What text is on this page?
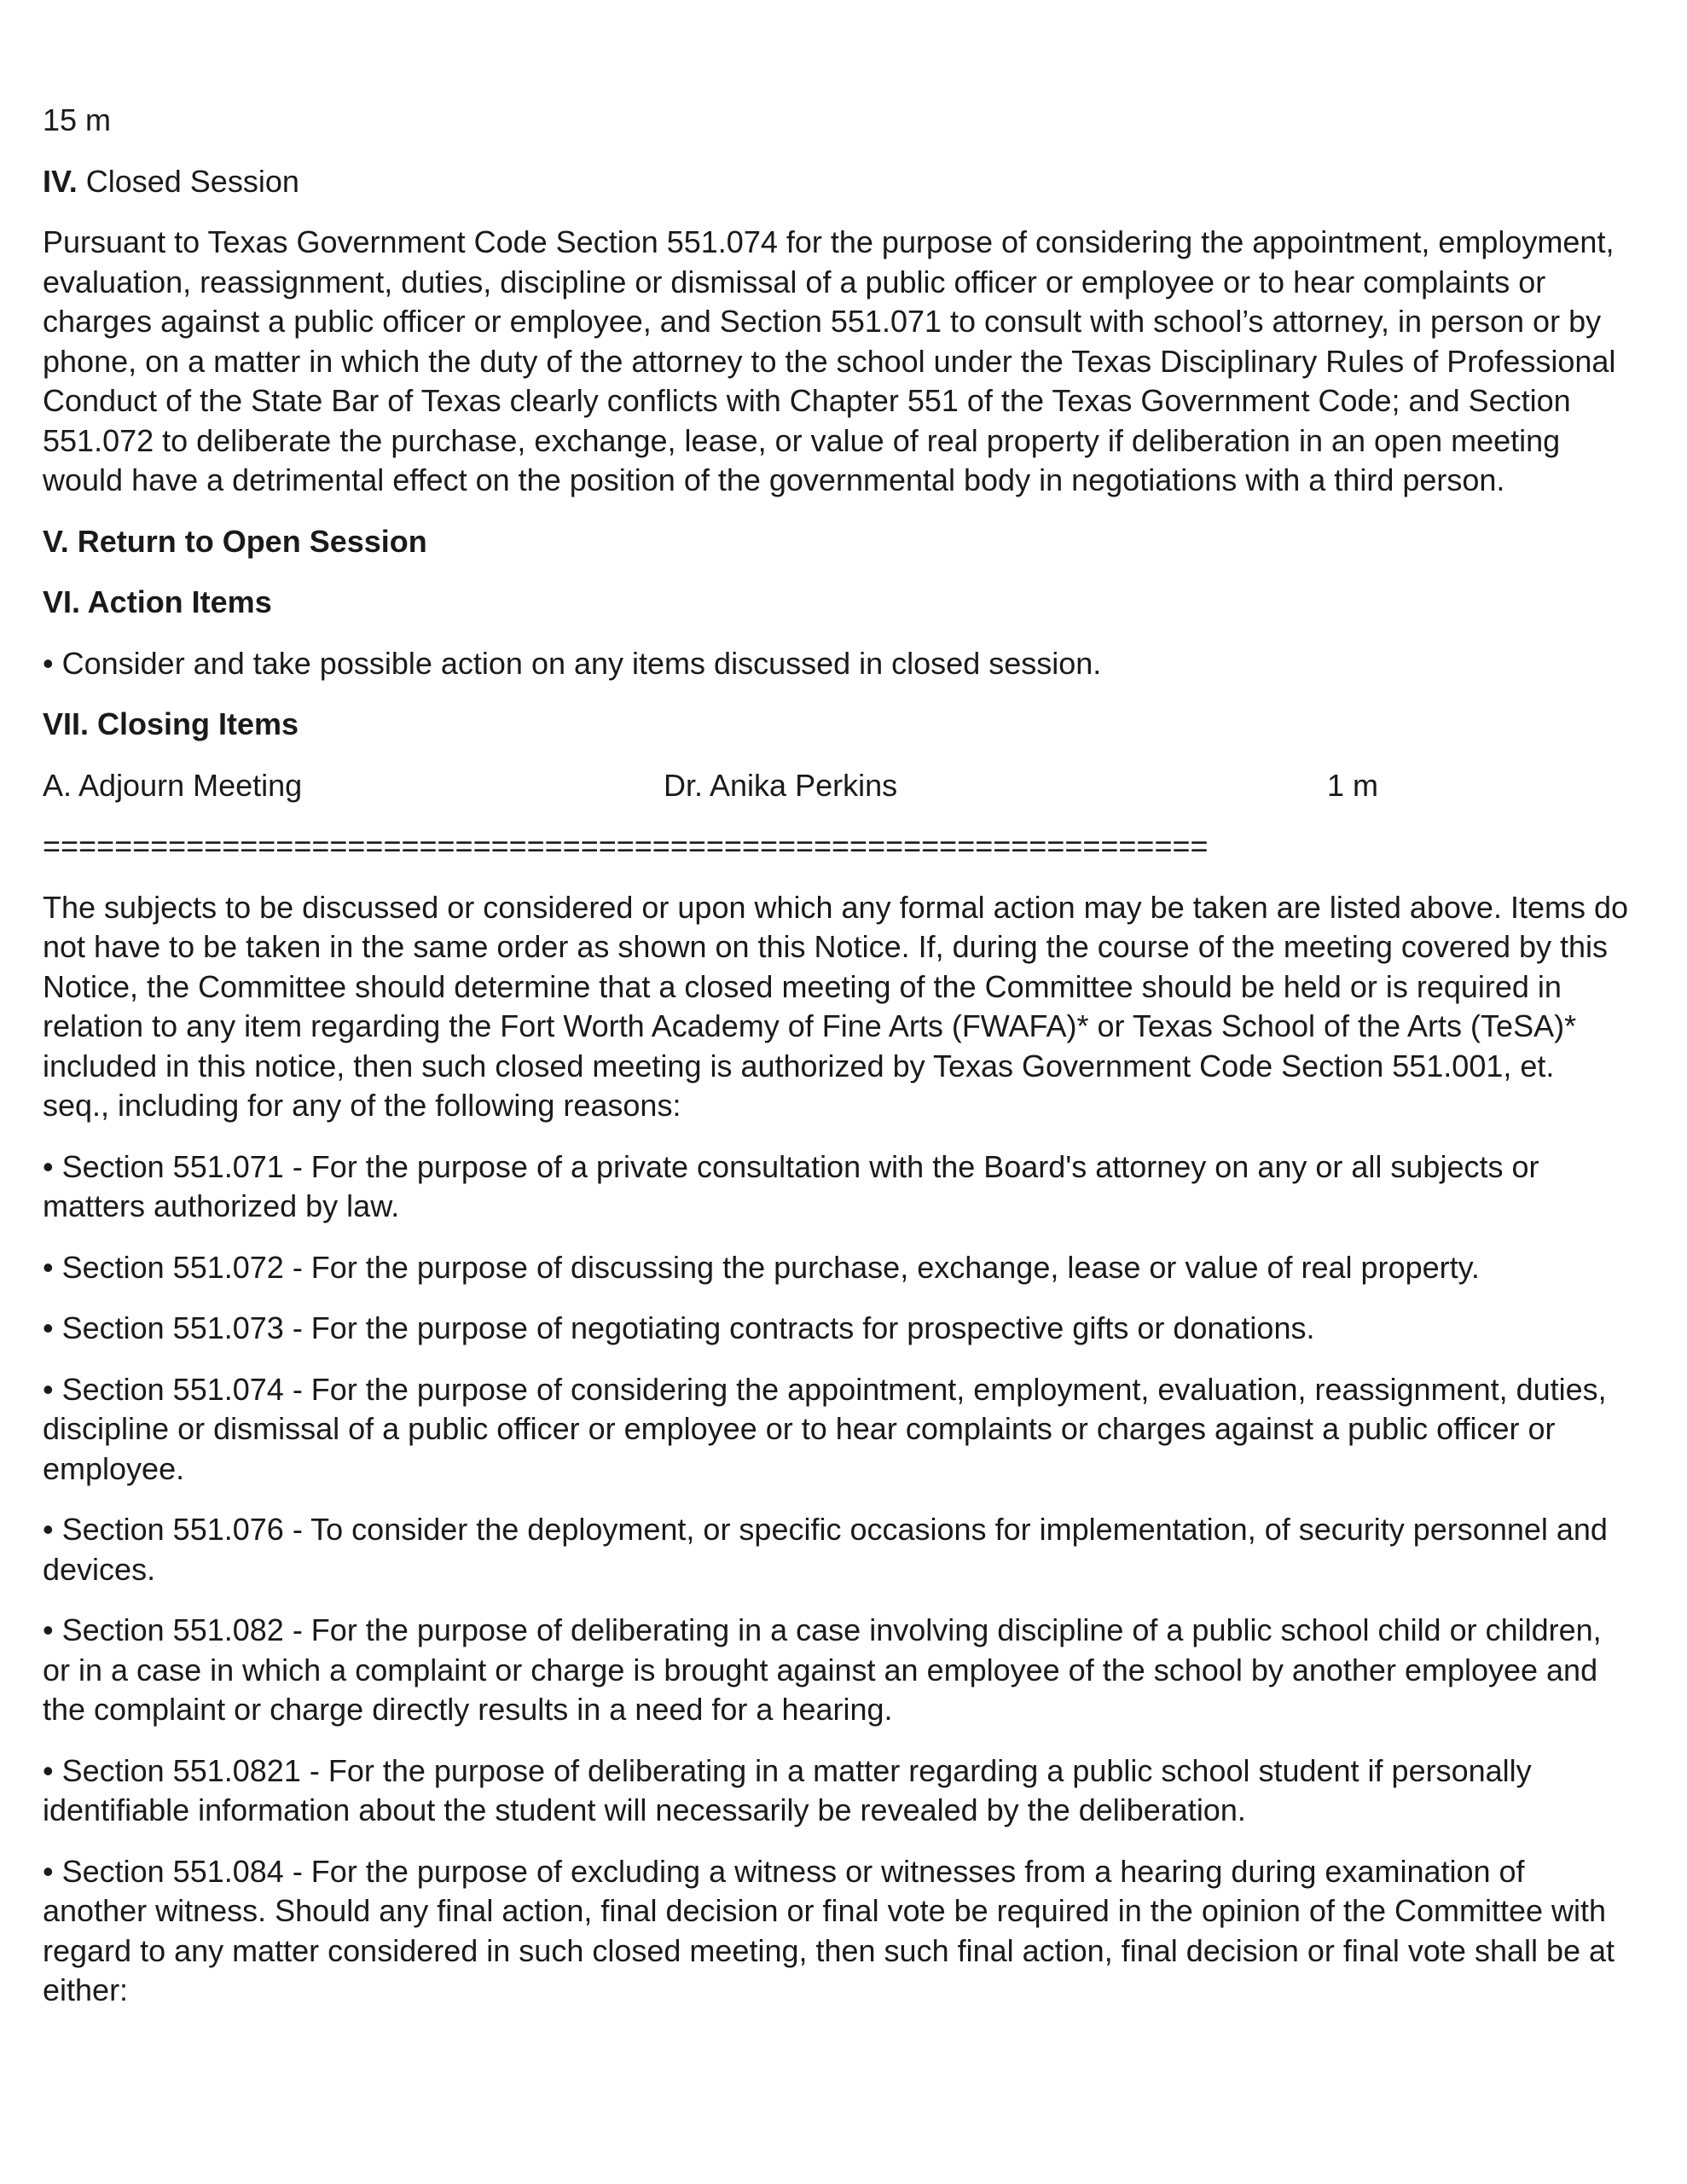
15 m

IV. Closed Session

Pursuant to Texas Government Code Section 551.074 for the purpose of considering the appointment, employment, evaluation, reassignment, duties, discipline or dismissal of a public officer or employee or to hear complaints or charges against a public officer or employee, and Section 551.071 to consult with school’s attorney, in person or by phone, on a matter in which the duty of the attorney to the school under the Texas Disciplinary Rules of Professional Conduct of the State Bar of Texas clearly conflicts with Chapter 551 of the Texas Government Code; and Section 551.072 to deliberate the purchase, exchange, lease, or value of real property if deliberation in an open meeting would have a detrimental effect on the position of the governmental body in negotiations with a third person.

V. Return to Open Session

VI. Action Items

• Consider and take possible action on any items discussed in closed session.

VII. Closing Items

A. Adjourn Meeting	Dr. Anika Perkins	1 m

=================================================================

The subjects to be discussed or considered or upon which any formal action may be taken are listed above. Items do not have to be taken in the same order as shown on this Notice. If, during the course of the meeting covered by this Notice, the Committee should determine that a closed meeting of the Committee should be held or is required in relation to any item regarding the Fort Worth Academy of Fine Arts (FWAFA)* or Texas School of the Arts (TeSA)* included in this notice, then such closed meeting is authorized by Texas Government Code Section 551.001, et. seq., including for any of the following reasons:

• Section 551.071 - For the purpose of a private consultation with the Board's attorney on any or all subjects or matters authorized by law.

• Section 551.072 - For the purpose of discussing the purchase, exchange, lease or value of real property.

• Section 551.073 - For the purpose of negotiating contracts for prospective gifts or donations.

• Section 551.074 - For the purpose of considering the appointment, employment, evaluation, reassignment, duties, discipline or dismissal of a public officer or employee or to hear complaints or charges against a public officer or employee.

• Section 551.076 - To consider the deployment, or specific occasions for implementation, of security personnel and devices.

• Section 551.082 - For the purpose of deliberating in a case involving discipline of a public school child or children, or in a case in which a complaint or charge is brought against an employee of the school by another employee and the complaint or charge directly results in a need for a hearing.

• Section 551.0821 - For the purpose of deliberating in a matter regarding a public school student if personally identifiable information about the student will necessarily be revealed by the deliberation.

• Section 551.084 - For the purpose of excluding a witness or witnesses from a hearing during examination of another witness. Should any final action, final decision or final vote be required in the opinion of the Committee with regard to any matter considered in such closed meeting, then such final action, final decision or final vote shall be at either:
